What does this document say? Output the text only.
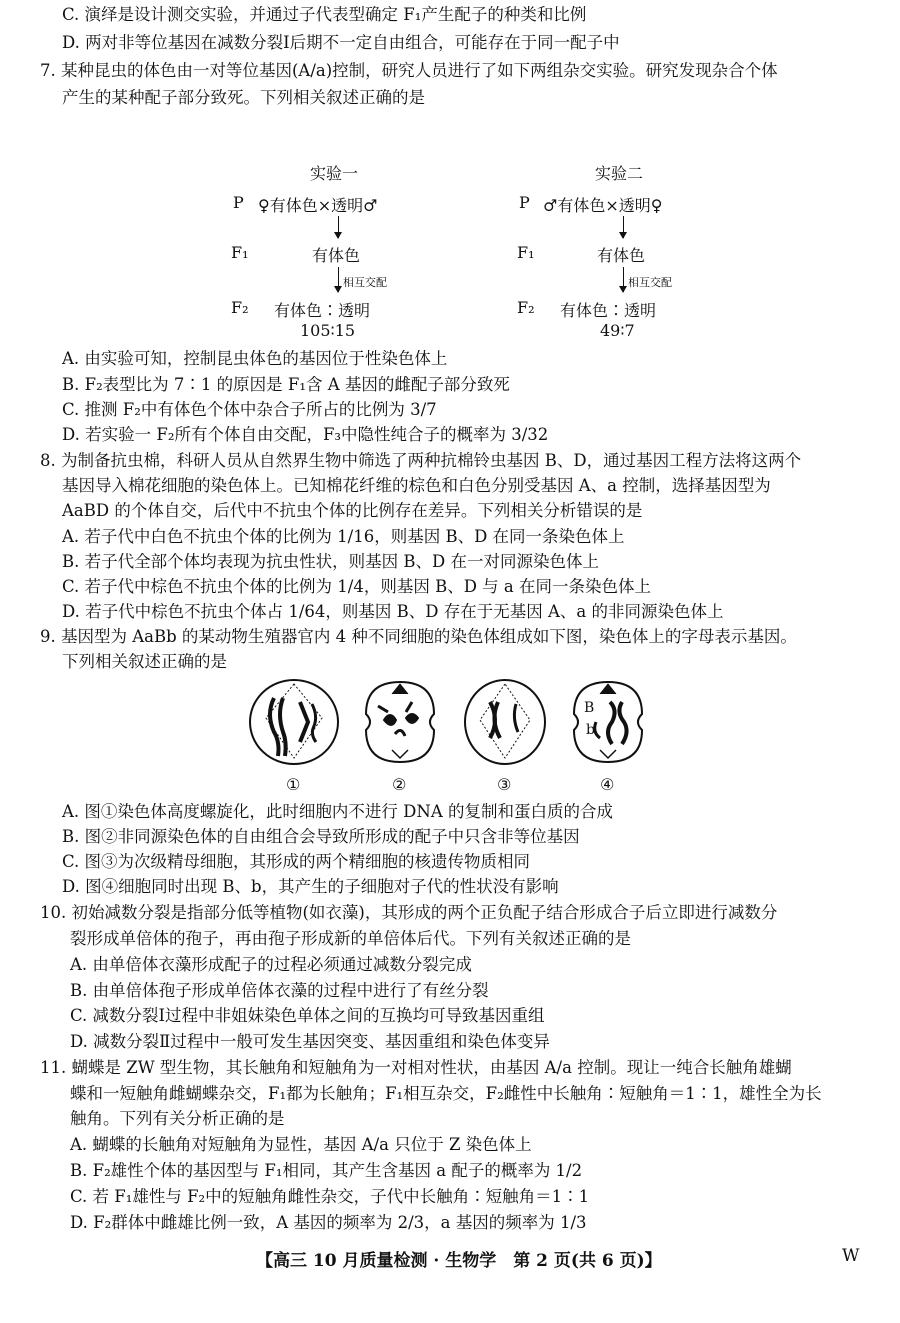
C. 演绎是设计测交实验，并通过子代表型确定 F₁产生配子的种类和比例
D. 两对非等位基因在减数分裂Ⅰ后期不一定自由组合，可能存在于同一配子中
7. 某种昆虫的体色由一对等位基因(A/a)控制，研究人员进行了如下两组杂交实验。研究发现杂合个体
产生的某种配子部分致死。下列相关叙述正确的是
实验一
P ♀有体色×透明♂
F₁	有体色
相互交配
F₂ 有体色∶透明
105∶15
实验二
P ♂有体色×透明♀
F₁	有体色
相互交配
F₂ 有体色∶透明
49∶7
A. 由实验可知，控制昆虫体色的基因位于性染色体上
B. F₂表型比为 7∶1 的原因是 F₁含 A 基因的雌配子部分致死
C. 推测 F₂中有体色个体中杂合子所占的比例为 3/7
D. 若实验一 F₂所有个体自由交配，F₃中隐性纯合子的概率为 3/32
8. 为制备抗虫棉，科研人员从自然界生物中筛选了两种抗棉铃虫基因 B、D，通过基因工程方法将这两个
基因导入棉花细胞的染色体上。已知棉花纤维的棕色和白色分别受基因 A、a 控制，选择基因型为
AaBD 的个体自交，后代中不抗虫个体的比例存在差异。下列相关分析错误的是
A. 若子代中白色不抗虫个体的比例为 1/16，则基因 B、D 在同一条染色体上
B. 若子代全部个体均表现为抗虫性状，则基因 B、D 在一对同源染色体上
C. 若子代中棕色不抗虫个体的比例为 1/4，则基因 B、D 与 a 在同一条染色体上
D. 若子代中棕色不抗虫个体占 1/64，则基因 B、D 存在于无基因 A、a 的非同源染色体上
9. 基因型为 AaBb 的某动物生殖器官内 4 种不同细胞的染色体组成如下图，染色体上的字母表示基因。
下列相关叙述正确的是
B
b
①	②	③	④
A. 图①染色体高度螺旋化，此时细胞内不进行 DNA 的复制和蛋白质的合成
B. 图②非同源染色体的自由组合会导致所形成的配子中只含非等位基因
C. 图③为次级精母细胞，其形成的两个精细胞的核遗传物质相同
D. 图④细胞同时出现 B、b，其产生的子细胞对子代的性状没有影响
10. 初始减数分裂是指部分低等植物(如衣藻)，其形成的两个正负配子结合形成合子后立即进行减数分
裂形成单倍体的孢子，再由孢子形成新的单倍体后代。下列有关叙述正确的是
A. 由单倍体衣藻形成配子的过程必须通过减数分裂完成
B. 由单倍体孢子形成单倍体衣藻的过程中进行了有丝分裂
C. 减数分裂Ⅰ过程中非姐妹染色单体之间的互换均可导致基因重组
D. 减数分裂Ⅱ过程中一般可发生基因突变、基因重组和染色体变异
11. 蝴蝶是 ZW 型生物，其长触角和短触角为一对相对性状，由基因 A/a 控制。现让一纯合长触角雄蝴
蝶和一短触角雌蝴蝶杂交，F₁都为长触角；F₁相互杂交，F₂雌性中长触角∶短触角＝1∶1，雄性全为长
触角。下列有关分析正确的是
A. 蝴蝶的长触角对短触角为显性，基因 A/a 只位于 Z 染色体上
B. F₂雄性个体的基因型与 F₁相同，其产生含基因 a 配子的概率为 1/2
C. 若 F₁雄性与 F₂中的短触角雌性杂交，子代中长触角∶短触角＝1∶1
D. F₂群体中雌雄比例一致，A 基因的频率为 2/3，a 基因的频率为 1/3
【高三 10 月质量检测 · 生物学　第 2 页(共 6 页)】	W
